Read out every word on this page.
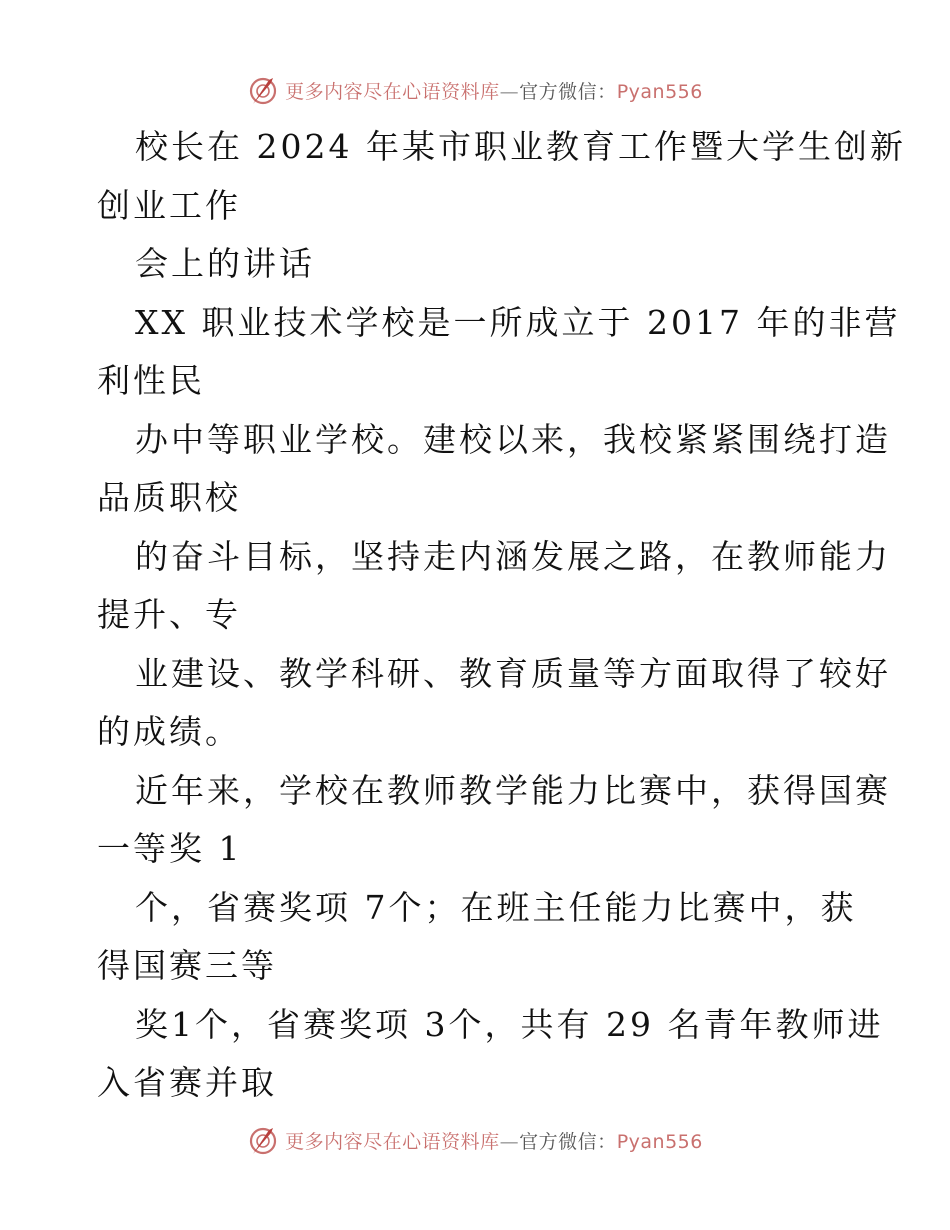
更多内容尽在心语资料库—官方微信：Pyan556
校长在 2024 年某市职业教育工作暨大学生创新
创业工作
会上的讲话
XX 职业技术学校是一所成立于 2017 年的非营
利性民
办中等职业学校。建校以来，我校紧紧围绕打造
品质职校
的奋斗目标，坚持走内涵发展之路，在教师能力
提升、专
业建设、教学科研、教育质量等方面取得了较好
的成绩。
近年来，学校在教师教学能力比赛中，获得国赛
一等奖 1
个，省赛奖项 7个；在班主任能力比赛中，获
得国赛三等
奖1个，省赛奖项 3个，共有 29 名青年教师进
入省赛并取
更多内容尽在心语资料库—官方微信：Pyan556
